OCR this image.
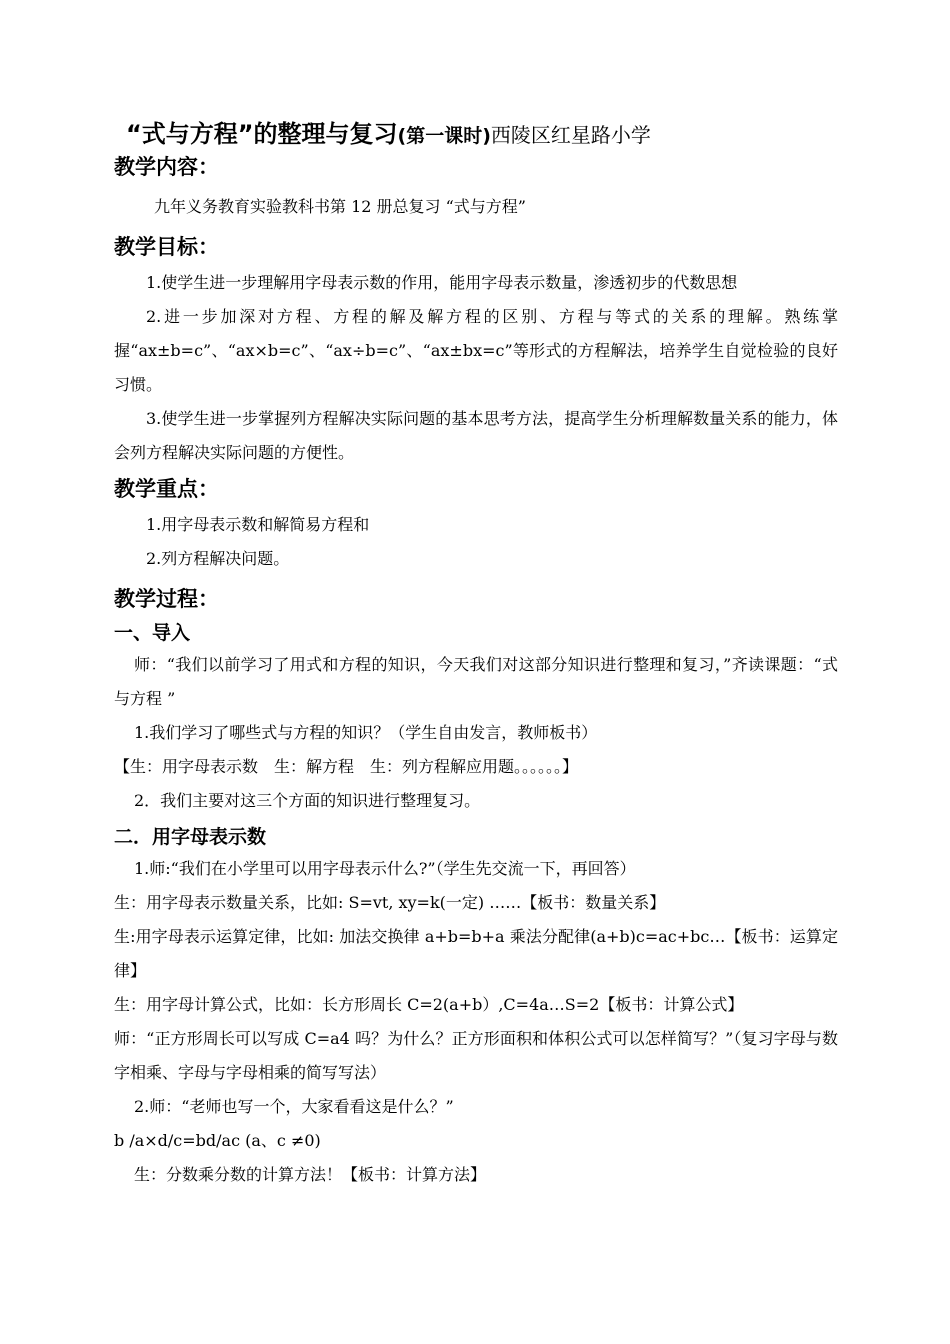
“式与方程”的整理与复习(第一课时)西陵区红星路小学
教学内容：

九年义务教育实验教科书第 12 册总复习 “式与方程”

教学目标：

1.使学生进一步理解用字母表示数的作用，能用字母表示数量，渗透初步的代数思想

2.进一步加深对方程、方程的解及解方程的区别、方程与等式的关系的理解。熟练掌握“ax±b=c”、“ax×b=c”、“ax÷b=c”、“ax±bx=c”等形式的方程解法，培养学生自觉检验的良好习惯。

3.使学生进一步掌握列方程解决实际问题的基本思考方法，提高学生分析理解数量关系的能力，体会列方程解决实际问题的方便性。

教学重点：

1.用字母表示数和解简易方程和

2.列方程解决问题。

教学过程：
一、导入

师：“我们以前学习了用式和方程的知识，今天我们对这部分知识进行整理和复习，”齐读课题：“式与方程 ”

1.我们学习了哪些式与方程的知识？（学生自由发言，教师板书）

【生：用字母表示数　生：解方程　生：列方程解应用题。。。。。。】

2．我们主要对这三个方面的知识进行整理复习。

二．用字母表示数

1.师:“我们在小学里可以用字母表示什么?”（学生先交流一下，再回答）

生：用字母表示数量关系，比如: S=vt, xy=k(一定) ……【板书：数量关系】

生:用字母表示运算定律，比如: 加法交换律 a+b=b+a 乘法分配律(a+b)c=ac+bc…【板书：运算定律】

生：用字母计算公式，比如：长方形周长 C=2(a+b）,C=4a…S=2【板书：计算公式】

师：“正方形周长可以写成 C=a4 吗？为什么？正方形面积和体积公式可以怎样简写？”（复习字母与数字相乘、字母与字母相乘的简写写法）

2.师：“老师也写一个，大家看看这是什么？”

b /a×d/c=bd/ac (a、c ≠0)

生：分数乘分数的计算方法！【板书：计算方法】
